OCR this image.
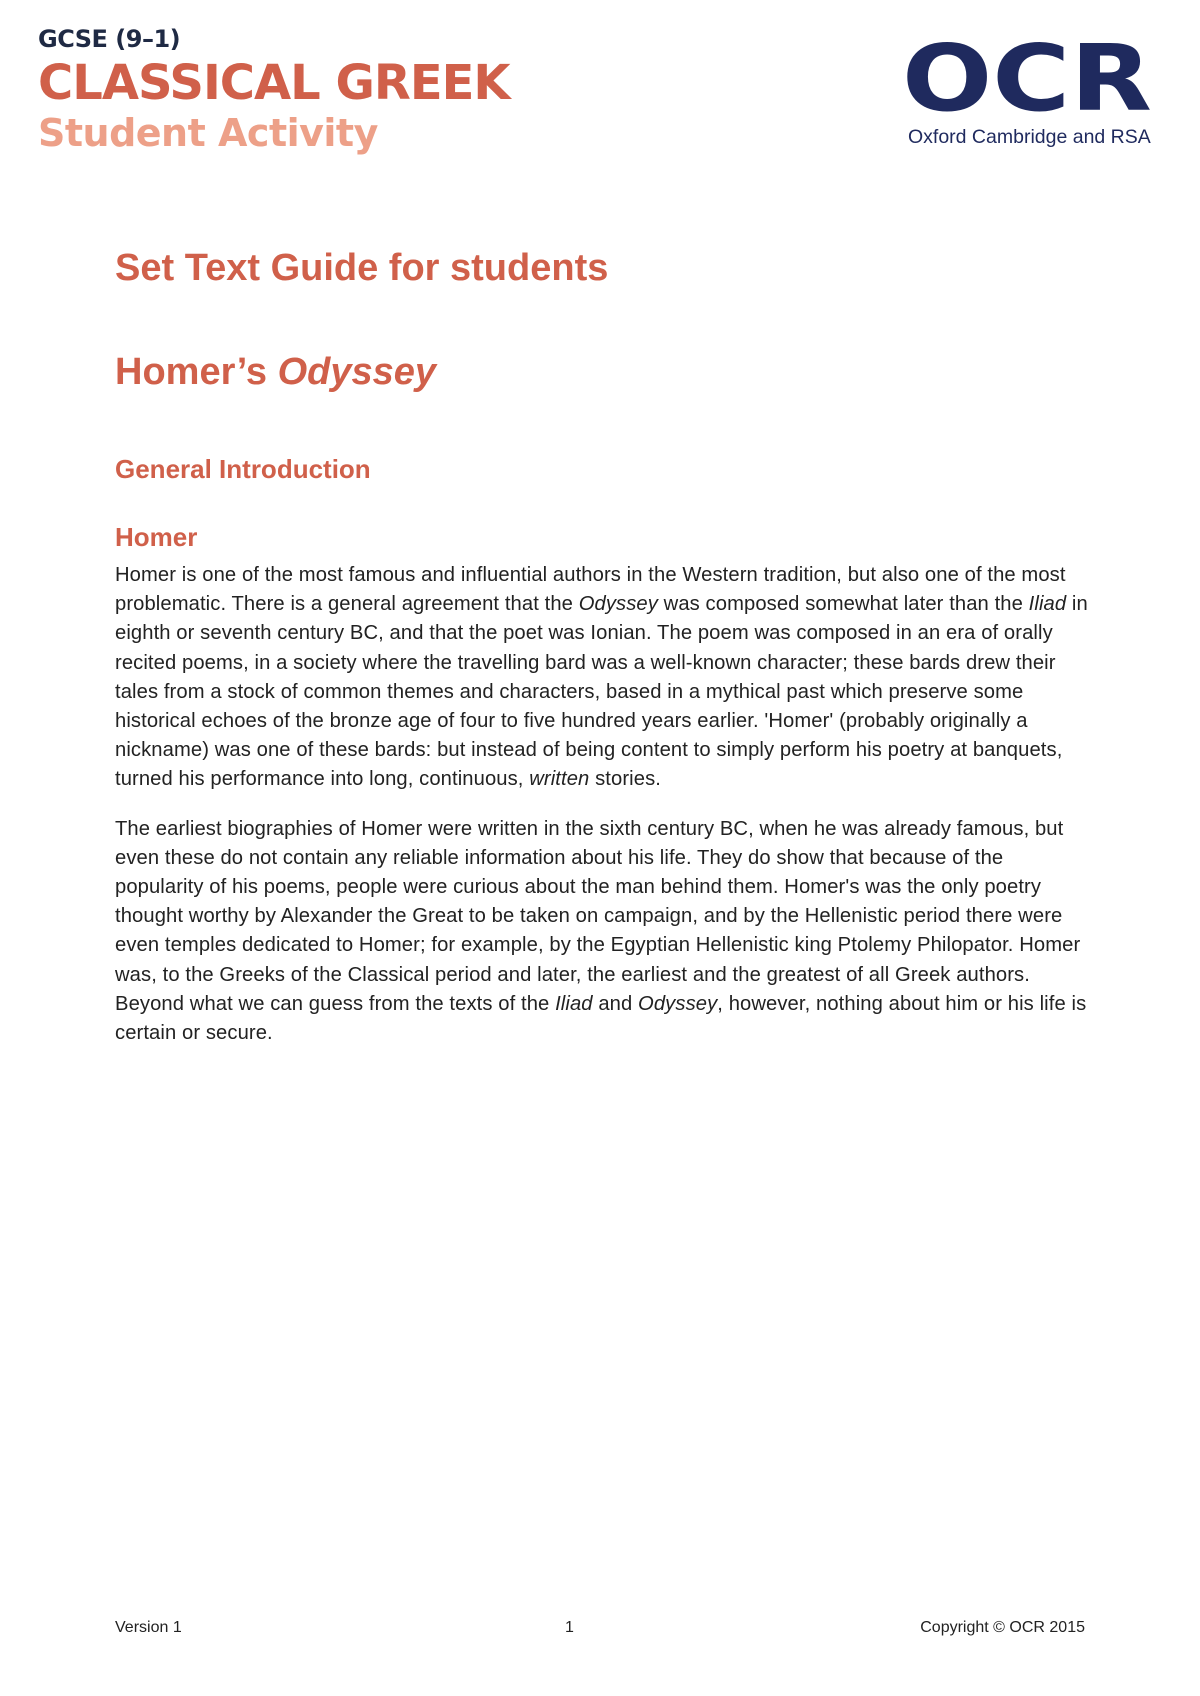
GCSE (9–1)
CLASSICAL GREEK
Student Activity
OCR
Oxford Cambridge and RSA
Set Text Guide for students
Homer’s Odyssey
General Introduction
Homer

Homer is one of the most famous and influential authors in the Western tradition, but also one of the most problematic. There is a general agreement that the Odyssey was composed somewhat later than the Iliad in eighth or seventh century BC, and that the poet was Ionian. The poem was composed in an era of orally recited poems, in a society where the travelling bard was a well-known character; these bards drew their tales from a stock of common themes and characters, based in a mythical past which preserve some historical echoes of the bronze age of four to five hundred years earlier. 'Homer' (probably originally a nickname) was one of these bards: but instead of being content to simply perform his poetry at banquets, turned his performance into long, continuous, written stories.

The earliest biographies of Homer were written in the sixth century BC, when he was already famous, but even these do not contain any reliable information about his life. They do show that because of the popularity of his poems, people were curious about the man behind them. Homer's was the only poetry thought worthy by Alexander the Great to be taken on campaign, and by the Hellenistic period there were even temples dedicated to Homer; for example, by the Egyptian Hellenistic king Ptolemy Philopator. Homer was, to the Greeks of the Classical period and later, the earliest and the greatest of all Greek authors. Beyond what we can guess from the texts of the Iliad and Odyssey, however, nothing about him or his life is certain or secure.

Version 1	1	Copyright © OCR 2015
